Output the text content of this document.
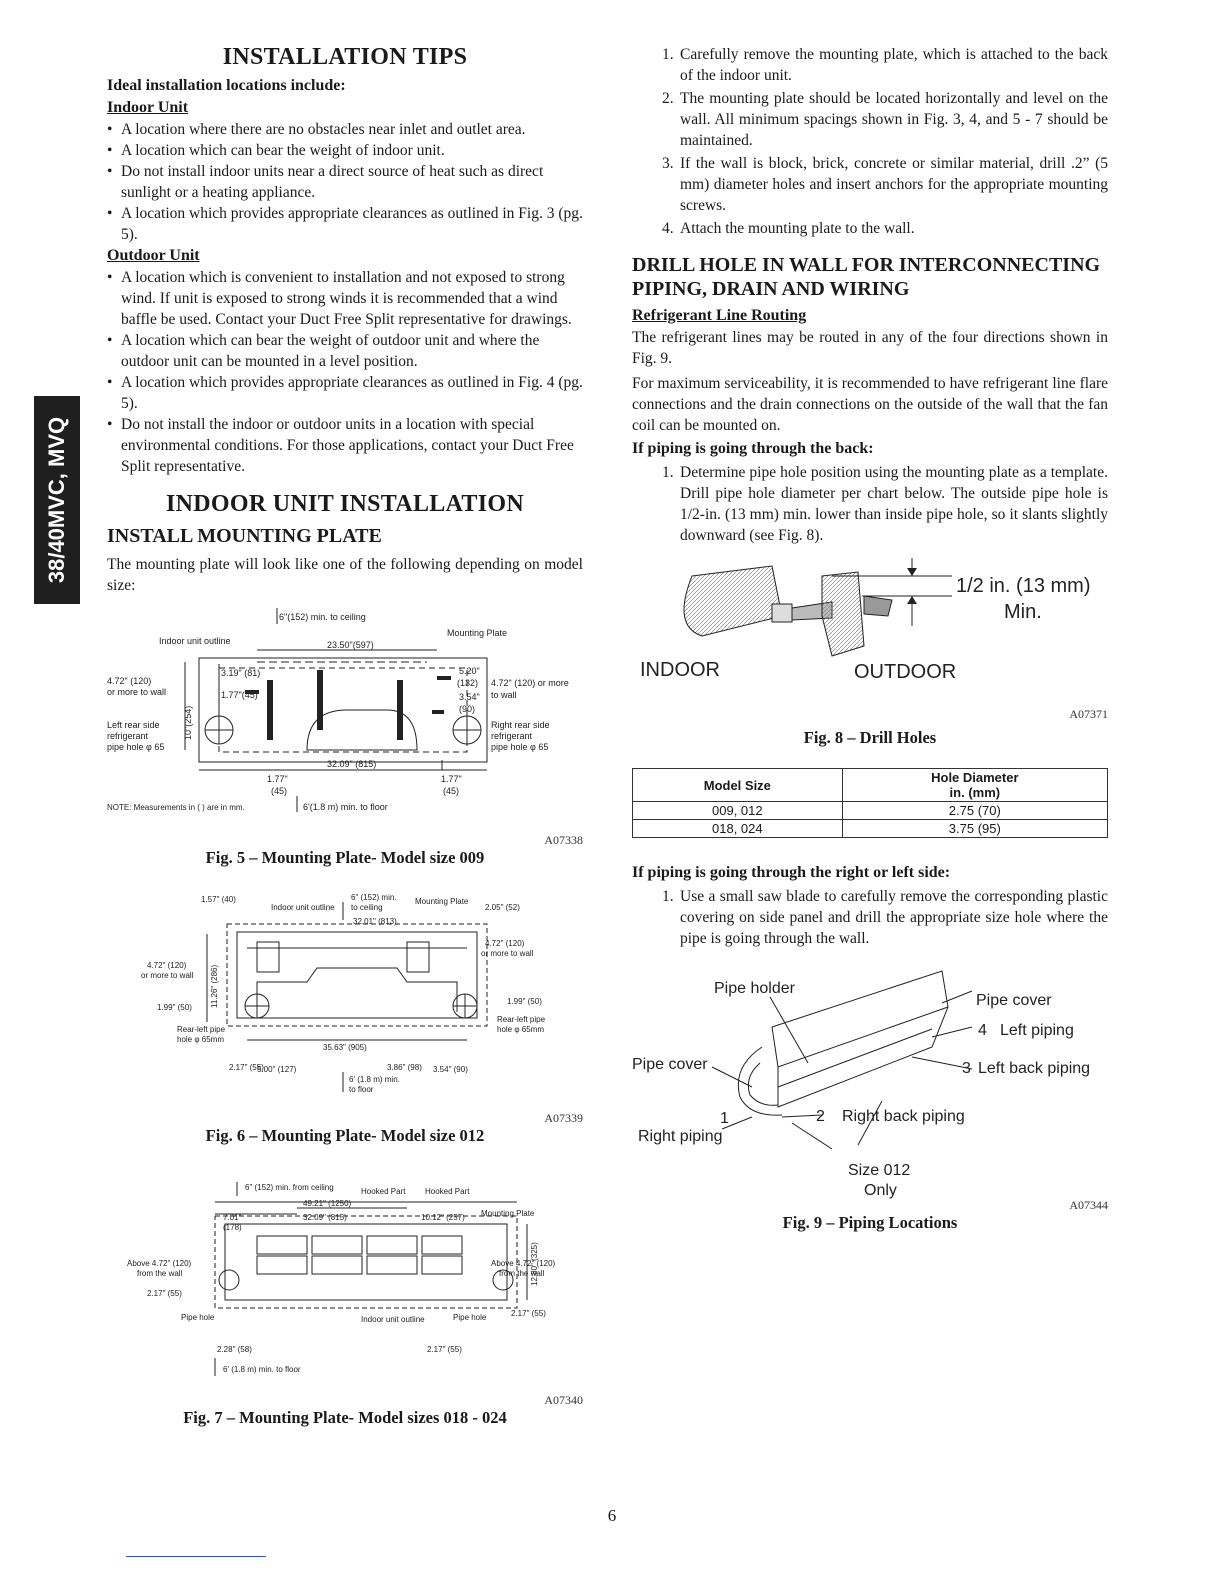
38/40MVC, MVQ
INSTALLATION TIPS
Ideal installation locations include:
Indoor Unit
• A location where there are no obstacles near inlet and outlet area.
• A location which can bear the weight of indoor unit.
• Do not install indoor units near a direct source of heat such as direct sunlight or a heating appliance.
• A location which provides appropriate clearances as outlined in Fig. 3 (pg. 5).
Outdoor Unit
• A location which is convenient to installation and not exposed to strong wind. If unit is exposed to strong winds it is recommended that a wind baffle be used. Contact your Duct Free Split representative for drawings.
• A location which can bear the weight of outdoor unit and where the outdoor unit can be mounted in a level position.
• A location which provides appropriate clearances as outlined in Fig. 4 (pg. 5).
• Do not install the indoor or outdoor units in a location with special environmental conditions. For those applications, contact your Duct Free Split representative.
INDOOR UNIT INSTALLATION
INSTALL MOUNTING PLATE

The mounting plate will look like one of the following depending on model size:

6"(152) min. to ceiling
Indoor unit outline
Mounting Plate
23.50"(597)
3.19" (81)
1.77"(45)
10"(254)
5.20"
(132)
3.54"
(90)
4.72" (120)
or more to wall
4.72" (120) or more
to wall
Left rear side
refrigerant
pipe hole φ 65
Right rear side
refrigerant
pipe hole φ 65
32.09" (815)
1.77"
(45)
1.77"
(45)
NOTE: Measurements in ( ) are in mm.	6'(1.8 m) min. to floor
A07338
Fig. 5 – Mounting Plate- Model size 009
1.57" (40)
Indoor unit outline
6" (152) min.
to ceiling
Mounting Plate
2.05" (52)
32.01" (813)
4.72" (120)
or more to wall
4.72" (120)
or more to wall 11.26" (286)
1.99" (50)
1.99" (50)
Rear-left pipe
hole φ 65mm
Rear-left pipe
hole φ 65mm
35.63" (905)
2.17" (55)
5.00" (127)	3.86" (98) 3.54" (90)
6' (1.8 m) min.
to floor
A07339
Fig. 6 – Mounting Plate- Model size 012
6" (152) min. from ceiling	Hooked Part Hooked Part
49.21" (1250)
7.01"
(178)
32.09" (815)	10.12" (257) Mounting Plate
Above 4.72" (120)
from the wall
Above 4.72" (120)
from the wall
12.80" (325)
2.17" (55)
2.17" (55)
Pipe hole	Pipe hole
Indoor unit outline
2.28" (58)	2.17" (55)
6' (1.8 m) min. to floor
A07340
Fig. 7 – Mounting Plate- Model sizes 018 - 024
1. Carefully remove the mounting plate, which is attached to the back of the indoor unit.
2. The mounting plate should be located horizontally and level on the wall. All minimum spacings shown in Fig. 3, 4, and 5 - 7 should be maintained.
3. If the wall is block, brick, concrete or similar material, drill .2” (5 mm) diameter holes and insert anchors for the appropriate mounting screws.
4. Attach the mounting plate to the wall.
DRILL HOLE IN WALL FOR INTERCONNECTING PIPING, DRAIN AND WIRING
Refrigerant Line Routing

The refrigerant lines may be routed in any of the four directions shown in Fig. 9.

For maximum serviceability, it is recommended to have refrigerant line flare connections and the drain connections on the outside of the wall that the fan coil can be mounted on.

If piping is going through the back:
1. Determine pipe hole position using the mounting plate as a template. Drill pipe hole diameter per chart below. The outside pipe hole is 1/2-in. (13 mm) min. lower than inside pipe hole, so it slants slightly downward (see Fig. 8).
1/2 in. (13 mm)
Min.
INDOOR	OUTDOOR
A07371
Fig. 8 – Drill Holes
Model Size	Hole Diameter
in. (mm)
009, 012	2.75 (70)
018, 024	3.75 (95)
If piping is going through the right or left side:
1. Use a small saw blade to carefully remove the corresponding plastic covering on side panel and drill the appropriate size hole where the pipe is going through the wall.
Pipe holder
Pipe cover
4 Left piping
3 Left back piping
Pipe cover
1	2 Right back piping
Right piping
Size 012
Only
A07344
Fig. 9 – Piping Locations
6
